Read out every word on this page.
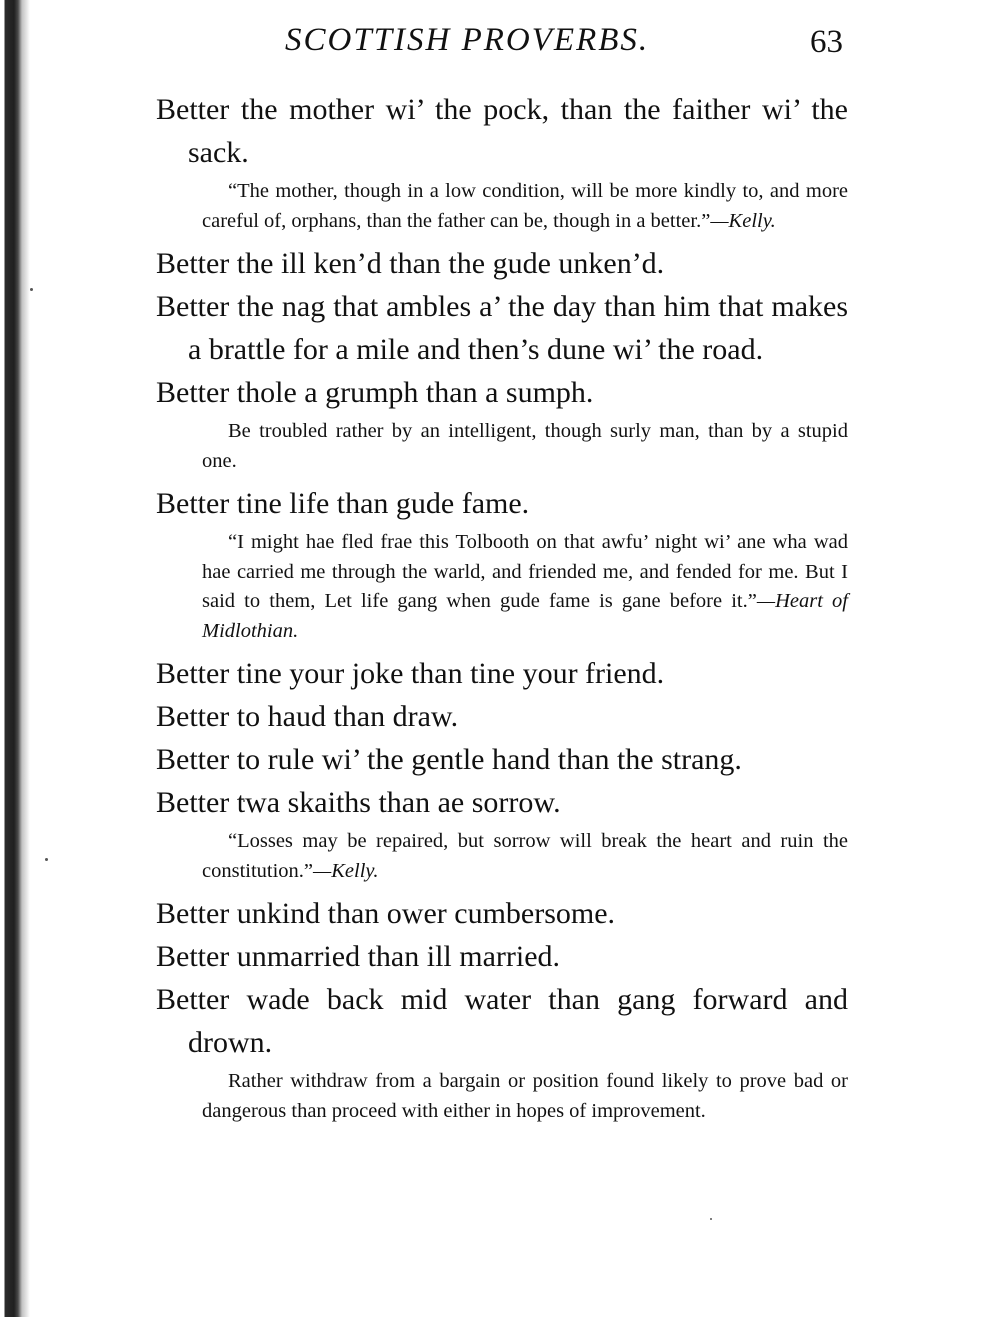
SCOTTISH PROVERBS.	63

Better the mother wi’ the pock, than the faither wi’ the sack.

“The mother, though in a low condition, will be more kindly to, and more careful of, orphans, than the father can be, though in a better.”—Kelly.

Better the ill ken’d than the gude unken’d.

Better the nag that ambles a’ the day than him that makes a brattle for a mile and then’s dune wi’ the road.

Better thole a grumph than a sumph.

Be troubled rather by an intelligent, though surly man, than by a stupid one.

Better tine life than gude fame.

“I might hae fled frae this Tolbooth on that awfu’ night wi’ ane wha wad hae carried me through the warld, and friended me, and fended for me. But I said to them, Let life gang when gude fame is gane before it.”—Heart of Midlothian.

Better tine your joke than tine your friend.

Better to haud than draw.

Better to rule wi’ the gentle hand than the strang.

Better twa skaiths than ae sorrow.

“Losses may be repaired, but sorrow will break the heart and ruin the constitution.”—Kelly.

Better unkind than ower cumbersome.

Better unmarried than ill married.

Better wade back mid water than gang forward and drown.

Rather withdraw from a bargain or position found likely to prove bad or dangerous than proceed with either in hopes of improvement.
